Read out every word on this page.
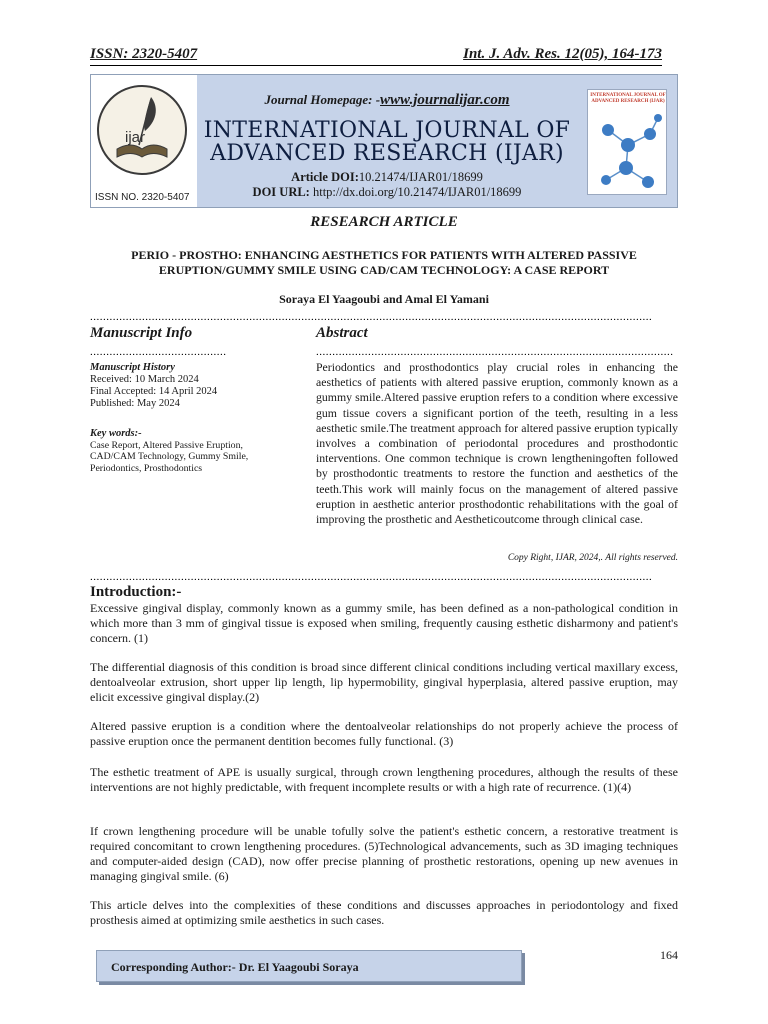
ISSN: 2320-5407	Int. J. Adv. Res. 12(05), 164-173
ijar
ISSN NO. 2320-5407
Journal Homepage: -www.journalijar.com
INTERNATIONAL JOURNAL OF
ADVANCED RESEARCH (IJAR)
Article DOI:10.21474/IJAR01/18699
DOI URL: http://dx.doi.org/10.21474/IJAR01/18699
INTERNATIONAL JOURNAL OF ADVANCED RESEARCH (IJAR)
RESEARCH ARTICLE
PERIO - PROSTHO: ENHANCING AESTHETICS FOR PATIENTS WITH ALTERED PASSIVE
ERUPTION/GUMMY SMILE USING CAD/CAM TECHNOLOGY: A CASE REPORT
Soraya El Yaagoubi and Amal El Yamani
.............................................................................................................................................................................
Manuscript Info
..........................................
Manuscript History
Received: 10 March 2024
Final Accepted: 14 April 2024
Published: May 2024
Key words:-
Case Report, Altered Passive Eruption,
CAD/CAM Technology, Gummy Smile,
Periodontics, Prosthodontics
Abstract
..............................................................................................................
Periodontics and prosthodontics play crucial roles in enhancing the aesthetics of patients with altered passive eruption, commonly known as a gummy smile.Altered passive eruption refers to a condition where excessive gum tissue covers a significant portion of the teeth, resulting in a less aesthetic smile.The treatment approach for altered passive eruption typically involves a combination of periodontal procedures and prosthodontic interventions. One common technique is crown lengtheningoften followed by prosthodontic treatments to restore the function and aesthetics of the teeth.This work will mainly focus on the management of altered passive eruption in aesthetic anterior prosthodontic rehabilitations with the goal of improving the prosthetic and Aestheticoutcome through clinical case.
Copy Right, IJAR, 2024,. All rights reserved.
.............................................................................................................................................................................
Introduction:-
Excessive gingival display, commonly known as a gummy smile, has been defined as a non-pathological condition in which more than 3 mm of gingival tissue is exposed when smiling, frequently causing esthetic disharmony and patient's concern. (1)
The differential diagnosis of this condition is broad since different clinical conditions including vertical maxillary excess, dentoalveolar extrusion, short upper lip length, lip hypermobility, gingival hyperplasia, altered passive eruption, may elicit excessive gingival display.(2)
Altered passive eruption is a condition where the dentoalveolar relationships do not properly achieve the process of passive eruption once the permanent dentition becomes fully functional. (3)
The esthetic treatment of APE is usually surgical, through crown lengthening procedures, although the results of these interventions are not highly predictable, with frequent incomplete results or with a high rate of recurrence. (1)(4)
If crown lengthening procedure will be unable tofully solve the patient's esthetic concern, a restorative treatment is required concomitant to crown lengthening procedures. (5)Technological advancements, such as 3D imaging techniques and computer-aided design (CAD), now offer precise planning of prosthetic restorations, opening up new avenues in managing gingival smile. (6)
This article delves into the complexities of these conditions and discusses approaches in periodontology and fixed prosthesis aimed at optimizing smile aesthetics in such cases.
164
Corresponding Author:- Dr. El Yaagoubi Soraya
